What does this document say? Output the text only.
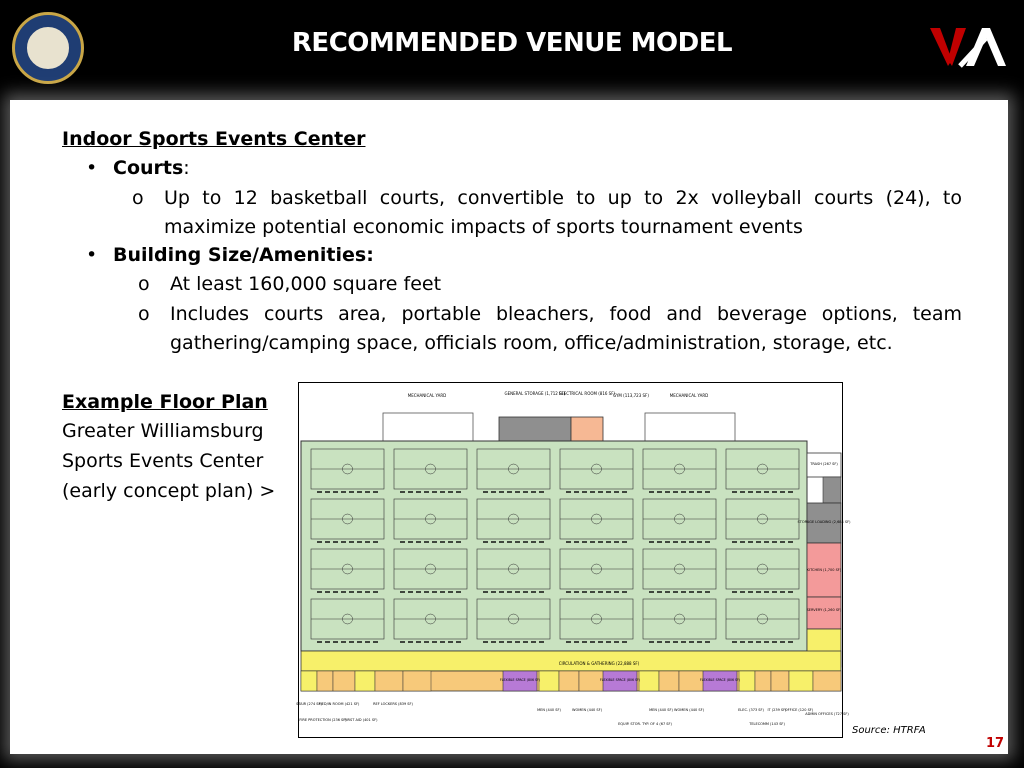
RECOMMENDED VENUE MODEL
Indoor Sports Events Center
• Courts:
o Up to 12 basketball courts, convertible to up to 2x volleyball courts (24), to
maximize potential economic impacts of sports tournament events
• Building Size/Amenities:
o At least 160,000 square feet
o Includes courts area, portable bleachers, food and beverage options, team
gathering/camping space, officials room, office/administration, storage, etc.
Example Floor Plan
Greater Williamsburg
Sports Events Center
(early concept plan) >
MECHANICAL YARD	GENERAL STORAGE (1,712 SF)
ELECTRICAL ROOM (816 SF)
GYM (113,723 SF)	MECHANICAL YARD
TRASH (267 SF)
STORAGE LOADING (2,684 SF)
KITCHEN (1,700 SF)
SERVERY (1,260 SF)
CIRCULATION & GATHERING (22,888 SF)
FLEXIBLE SPACE (806 SF)	FLEXIBLE SPACE (806 SF)	FLEXIBLE SPACE (806 SF)
STAIR (274 SF)
FIRE PROTECTION (236 SF)
MED/IN ROOM (421 SF)
FIRST AID (401 SF)
REF LOCKERS (839 SF)
MEN (440 SF)	WOMEN (440 SF)
EQUIP. STOR. TYP. OF 4 (67 SF)
MEN (440 SF) WOMEN (440 SF)	ELEC. (373 SF)
TELECOMM (143 SF)
IT (239 SF)
OFFICE (120 SF)
ADMIN OFFICES (727 SF)
Source: HTRFA
17
